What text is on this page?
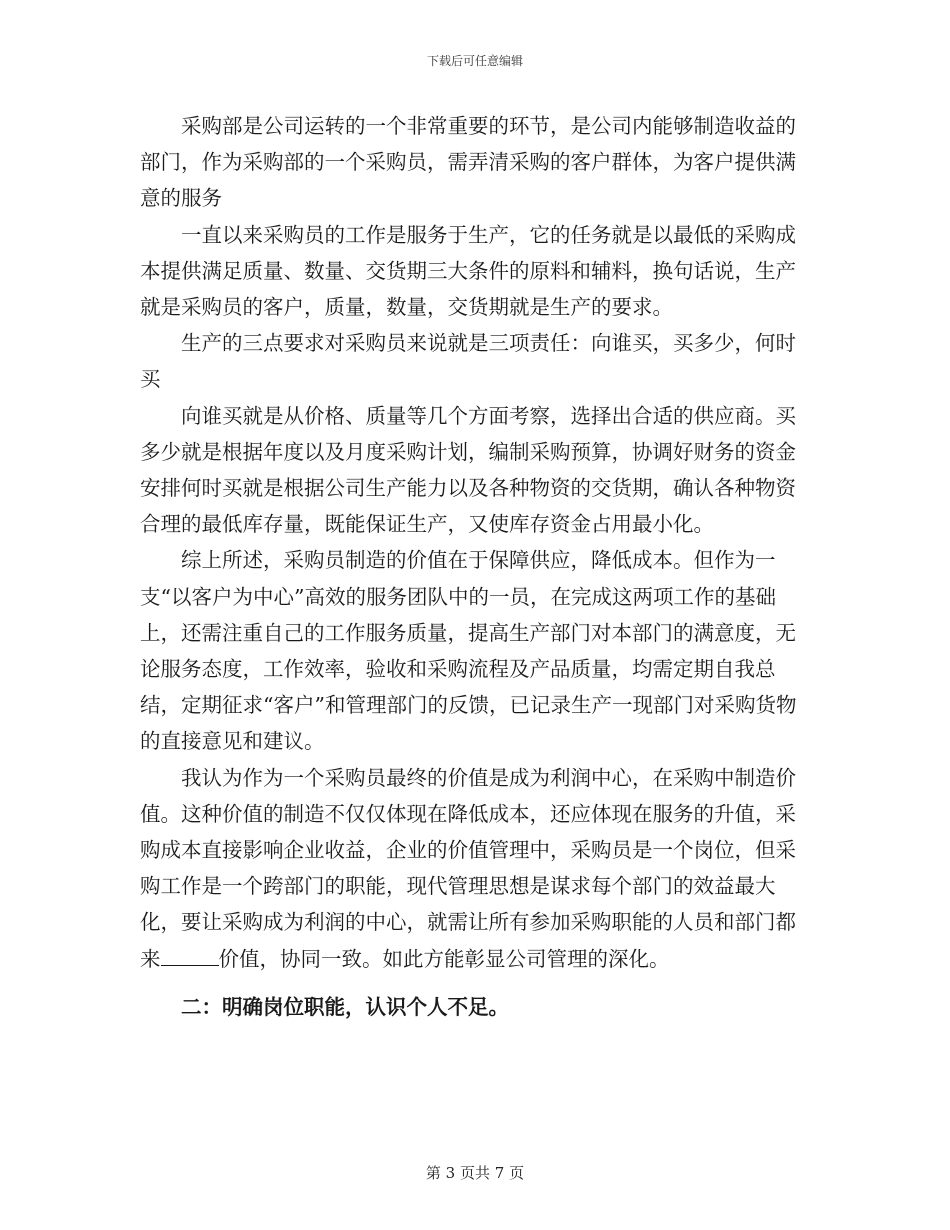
下载后可任意编辑

采购部是公司运转的一个非常重要的环节，是公司内能够制造收益的部门，作为采购部的一个采购员，需弄清采购的客户群体，为客户提供满意的服务

一直以来采购员的工作是服务于生产，它的任务就是以最低的采购成本提供满足质量、数量、交货期三大条件的原料和辅料，换句话说，生产就是采购员的客户，质量，数量，交货期就是生产的要求。

生产的三点要求对采购员来说就是三项责任：向谁买，买多少，何时买

向谁买就是从价格、质量等几个方面考察，选择出合适的供应商。买多少就是根据年度以及月度采购计划，编制采购预算，协调好财务的资金安排何时买就是根据公司生产能力以及各种物资的交货期，确认各种物资合理的最低库存量，既能保证生产，又使库存资金占用最小化。

综上所述，采购员制造的价值在于保障供应，降低成本。但作为一支“以客户为中心”高效的服务团队中的一员，在完成这两项工作的基础上，还需注重自己的工作服务质量，提高生产部门对本部门的满意度，无论服务态度，工作效率，验收和采购流程及产品质量，均需定期自我总结，定期征求“客户”和管理部门的反馈，已记录生产一现部门对采购货物的直接意见和建议。

我认为作为一个采购员最终的价值是成为利润中心，在采购中制造价值。这种价值的制造不仅仅体现在降低成本，还应体现在服务的升值，采购成本直接影响企业收益，企业的价值管理中，采购员是一个岗位，但采购工作是一个跨部门的职能，现代管理思想是谋求每个部门的效益最大化，要让采购成为利润的中心，就需让所有参加采购职能的人员和部门都来	价值，协同一致。如此方能彰显公司管理的深化。

二：明确岗位职能，认识个人不足。

第 3 页共 7 页
